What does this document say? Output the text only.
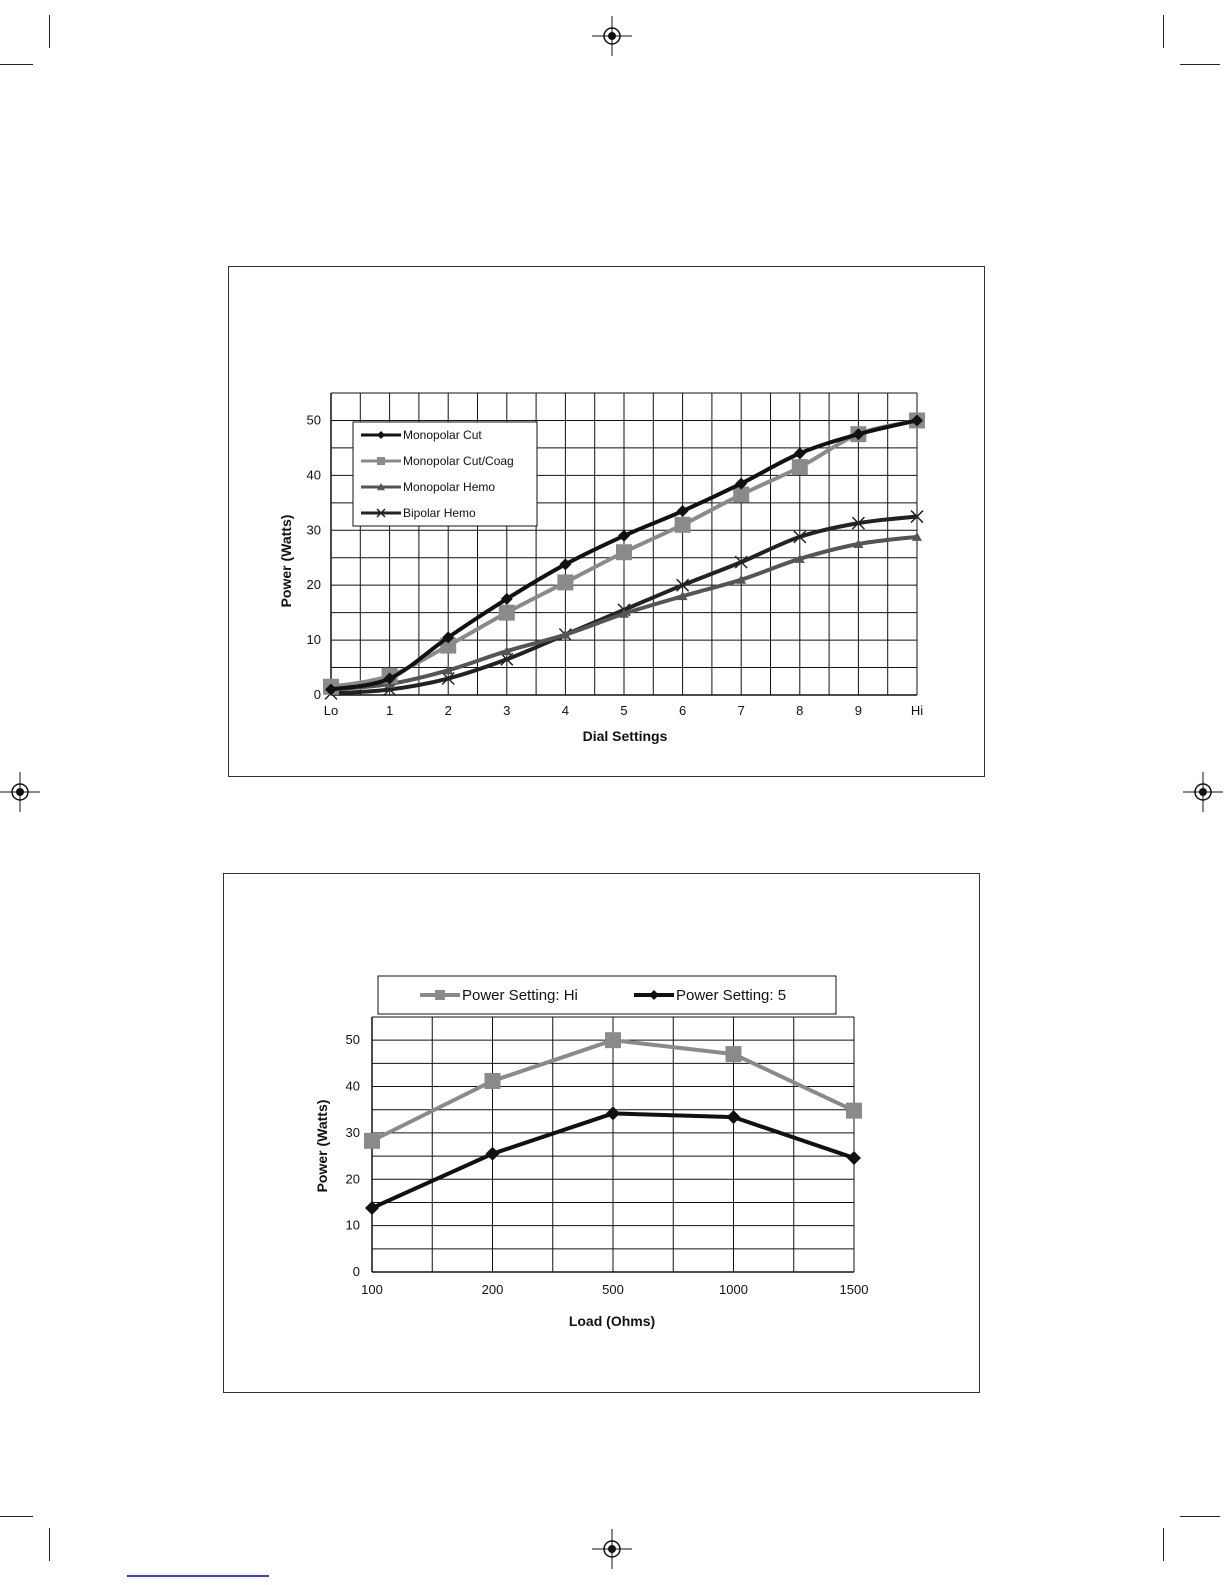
0
10
20
30
40
50
Lo	1	2	3	4	5	6	7	8	9	Hi
Dial Settings
Power (Watts)
Monopolar Cut
Monopolar Cut/Coag
Monopolar Hemo
Bipolar Hemo
Power Setting: Hi	Power Setting: 5
0
10
20
30
40
50
100	200	500	1000	1500
Load (Ohms)
Power (Watts)
